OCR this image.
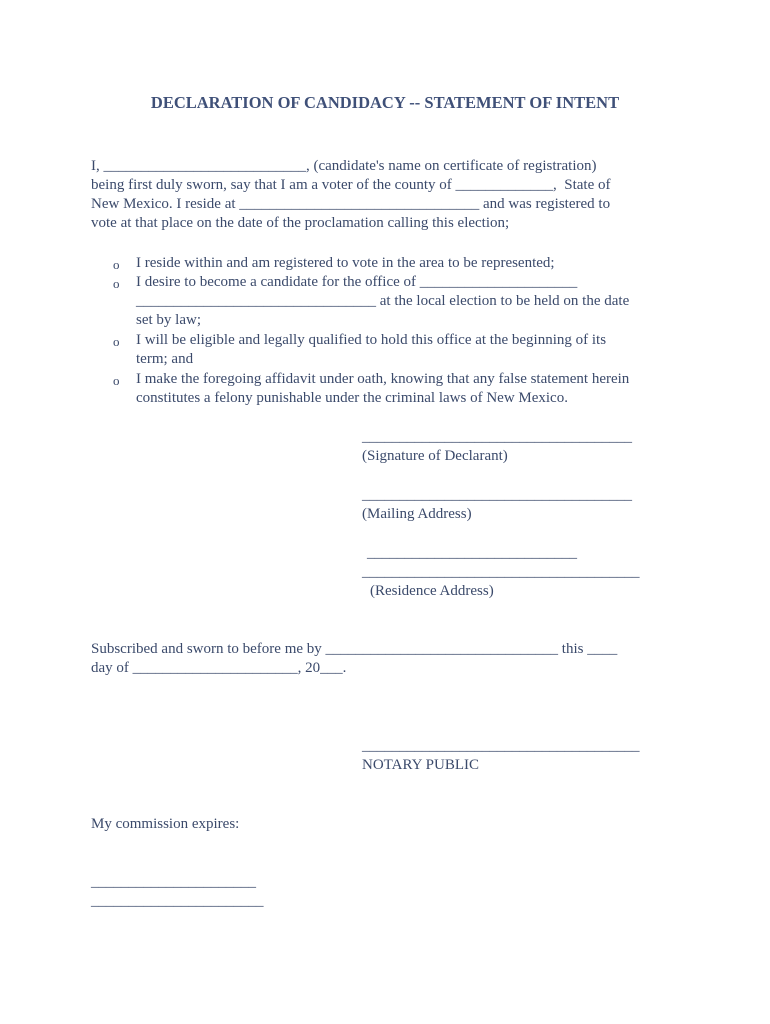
DECLARATION OF CANDIDACY -- STATEMENT OF INTENT
I, ___________________________, (candidate's name on certificate of registration)
being first duly sworn, say that I am a voter of the county of _____________,  State of
New Mexico. I reside at ________________________________ and was registered to
vote at that place on the date of the proclamation calling this election;
o I reside within and am registered to vote in the area to be represented;
o I desire to become a candidate for the office of _____________________
________________________________ at the local election to be held on the date
set by law;
o I will be eligible and legally qualified to hold this office at the beginning of its
term; and
o I make the foregoing affidavit under oath, knowing that any false statement herein
constitutes a felony punishable under the criminal laws of New Mexico.
____________________________________
(Signature of Declarant)
____________________________________
(Mailing Address)
____________________________
_____________________________________
(Residence Address)
Subscribed and sworn to before me by _______________________________ this ____
day of ______________________, 20___.
_____________________________________
NOTARY PUBLIC
My commission expires:
______________________
_______________________
